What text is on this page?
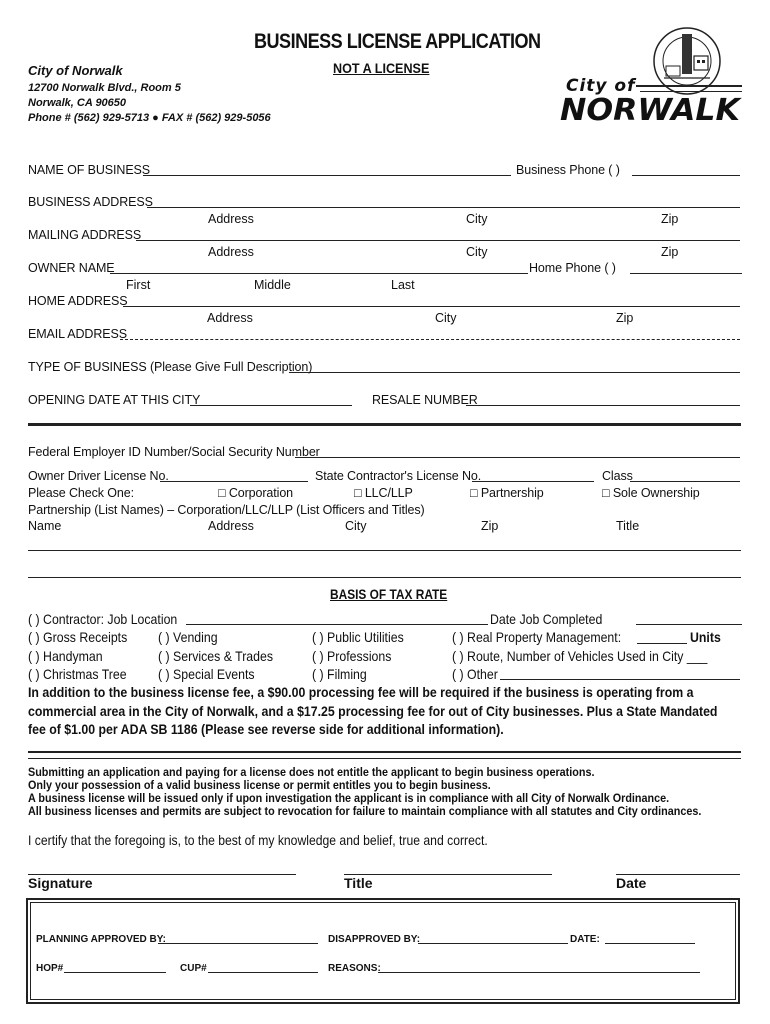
BUSINESS LICENSE APPLICATION
NOT A LICENSE
City of Norwalk
12700 Norwalk Blvd., Room 5
Norwalk, CA 90650
Phone # (562) 929-5713 ● FAX # (562) 929-5056
City of
NORWALK
NAME OF BUSINESS	Business Phone ( )
BUSINESS ADDRESS
Address	City	Zip
MAILING ADDRESS
Address	City	Zip
OWNER NAME	Home Phone ( )
First	Middle	Last
HOME ADDRESS
Address	City	Zip
EMAIL ADDRESS
TYPE OF BUSINESS (Please Give Full Description)
OPENING DATE AT THIS CITY	RESALE NUMBER
Federal Employer ID Number/Social Security Number
Owner Driver License No.	State Contractor's License No.	Class
Please Check One:	□ Corporation	□ LLC/LLP	□ Partnership	□ Sole Ownership
Partnership (List Names) – Corporation/LLC/LLP (List Officers and Titles)
Name	Address	City	Zip	Title
BASIS OF TAX RATE
( ) Contractor: Job Location	Date Job Completed
( ) Gross Receipts ( ) Vending	( ) Public Utilities	( ) Real Property Management:	Units
( ) Handyman	( ) Services & Trades	( ) Professions	( ) Route, Number of Vehicles Used in City ___
( ) Christmas Tree ( ) Special Events	( ) Filming	( ) Other
In addition to the business license fee, a $90.00 processing fee will be required if the business is operating from a
commercial area in the City of Norwalk, and a $17.25 processing fee for out of City businesses. Plus a State Mandated
fee of $1.00 per ADA SB 1186 (Please see reverse side for additional information).
Submitting an application and paying for a license does not entitle the applicant to begin business operations.
Only your possession of a valid business license or permit entitles you to begin business.
A business license will be issued only if upon investigation the applicant is in compliance with all City of Norwalk Ordinance.
All business licenses and permits are subject to revocation for failure to maintain compliance with all statutes and City ordinances.
I certify that the foregoing is, to the best of my knowledge and belief, true and correct.
Signature	Title	Date
PLANNING APPROVED BY:	DISAPPROVED BY:	DATE:
HOP#	CUP#	REASONS:
